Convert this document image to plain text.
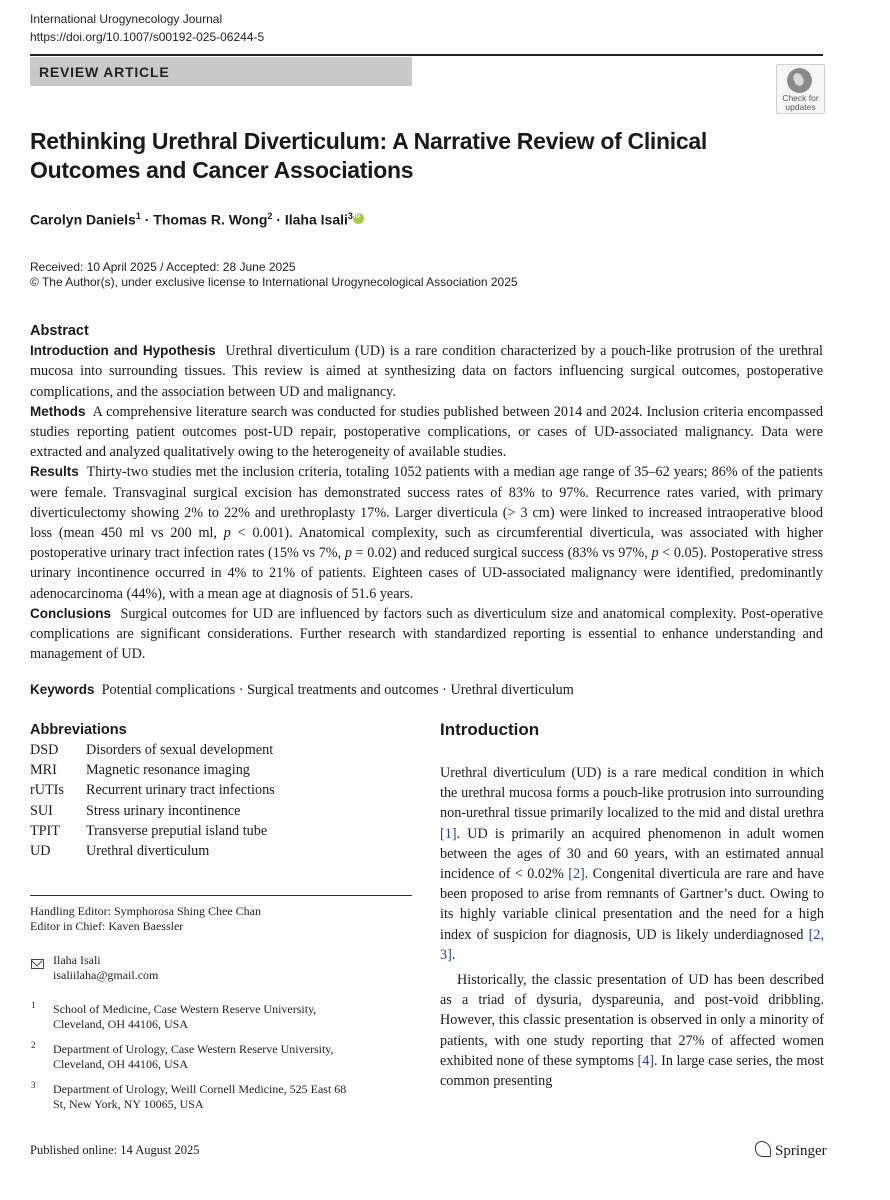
International Urogynecology Journal
https://doi.org/10.1007/s00192-025-06244-5
REVIEW ARTICLE
Check for
updates
Rethinking Urethral Diverticulum: A Narrative Review of Clinical
Outcomes and Cancer Associations
Carolyn Daniels$^1$ · Thomas R. Wong$^2$ · Ilaha Isali$^3$iD
Received: 10 April 2025 / Accepted: 28 June 2025
© The Author(s), under exclusive license to International Urogynecological Association 2025
Abstract

Introduction and Hypothesis Urethral diverticulum (UD) is a rare condition characterized by a pouch-like protrusion of the urethral mucosa into surrounding tissues. This review is aimed at synthesizing data on factors influencing surgical outcomes, postoperative complications, and the association between UD and malignancy.

Methods A comprehensive literature search was conducted for studies published between 2014 and 2024. Inclusion criteria encompassed studies reporting patient outcomes post-UD repair, postoperative complications, or cases of UD-associated malignancy. Data were extracted and analyzed qualitatively owing to the heterogeneity of available studies.

Results Thirty-two studies met the inclusion criteria, totaling 1052 patients with a median age range of 35–62 years; 86% of the patients were female. Transvaginal surgical excision has demonstrated success rates of 83% to 97%. Recurrence rates varied, with primary diverticulectomy showing 2% to 22% and urethroplasty 17%. Larger diverticula (> 3 cm) were linked to increased intraoperative blood loss (mean 450 ml vs 200 ml, p < 0.001). Anatomical complexity, such as circumferential diverticula, was associated with higher postoperative urinary tract infection rates (15% vs 7%, p = 0.02) and reduced surgical success (83% vs 97%, p < 0.05). Postoperative stress urinary incontinence occurred in 4% to 21% of patients. Eighteen cases of UD-associated malignancy were identified, predominantly adenocarcinoma (44%), with a mean age at diagnosis of 51.6 years.

Conclusions Surgical outcomes for UD are influenced by factors such as diverticulum size and anatomical complexity. Post-operative complications are significant considerations. Further research with standardized reporting is essential to enhance understanding and management of UD.

Keywords Potential complications · Surgical treatments and outcomes · Urethral diverticulum
Abbreviations
DSD	Disorders of sexual development
MRI	Magnetic resonance imaging
rUTIs	Recurrent urinary tract infections
SUI	Stress urinary incontinence
TPIT	Transverse preputial island tube
UD	Urethral diverticulum
Handling Editor: Symphorosa Shing Chee Chan
Editor in Chief: Kaven Baessler
Ilaha Isali
isaliilaha@gmail.com
1 School of Medicine, Case Western Reserve University,
Cleveland, OH 44106, USA
2 Department of Urology, Case Western Reserve University,
Cleveland, OH 44106, USA
3 Department of Urology, Weill Cornell Medicine, 525 East 68
St, New York, NY 10065, USA
Introduction

Urethral diverticulum (UD) is a rare medical condition in which the urethral mucosa forms a pouch-like protrusion into surrounding non-urethral tissue primarily localized to the mid and distal urethra [1]. UD is primarily an acquired phenomenon in adult women between the ages of 30 and 60 years, with an estimated annual incidence of < 0.02% [2]. Congenital diverticula are rare and have been proposed to arise from remnants of Gartner’s duct. Owing to its highly variable clinical presentation and the need for a high index of suspicion for diagnosis, UD is likely underdiagnosed [2, 3].

Historically, the classic presentation of UD has been described as a triad of dysuria, dyspareunia, and post-void dribbling. However, this classic presentation is observed in only a minority of patients, with one study reporting that 27% of affected women exhibited none of these symptoms [4]. In large case series, the most common presenting

Published online: 14 August 2025	Springer
